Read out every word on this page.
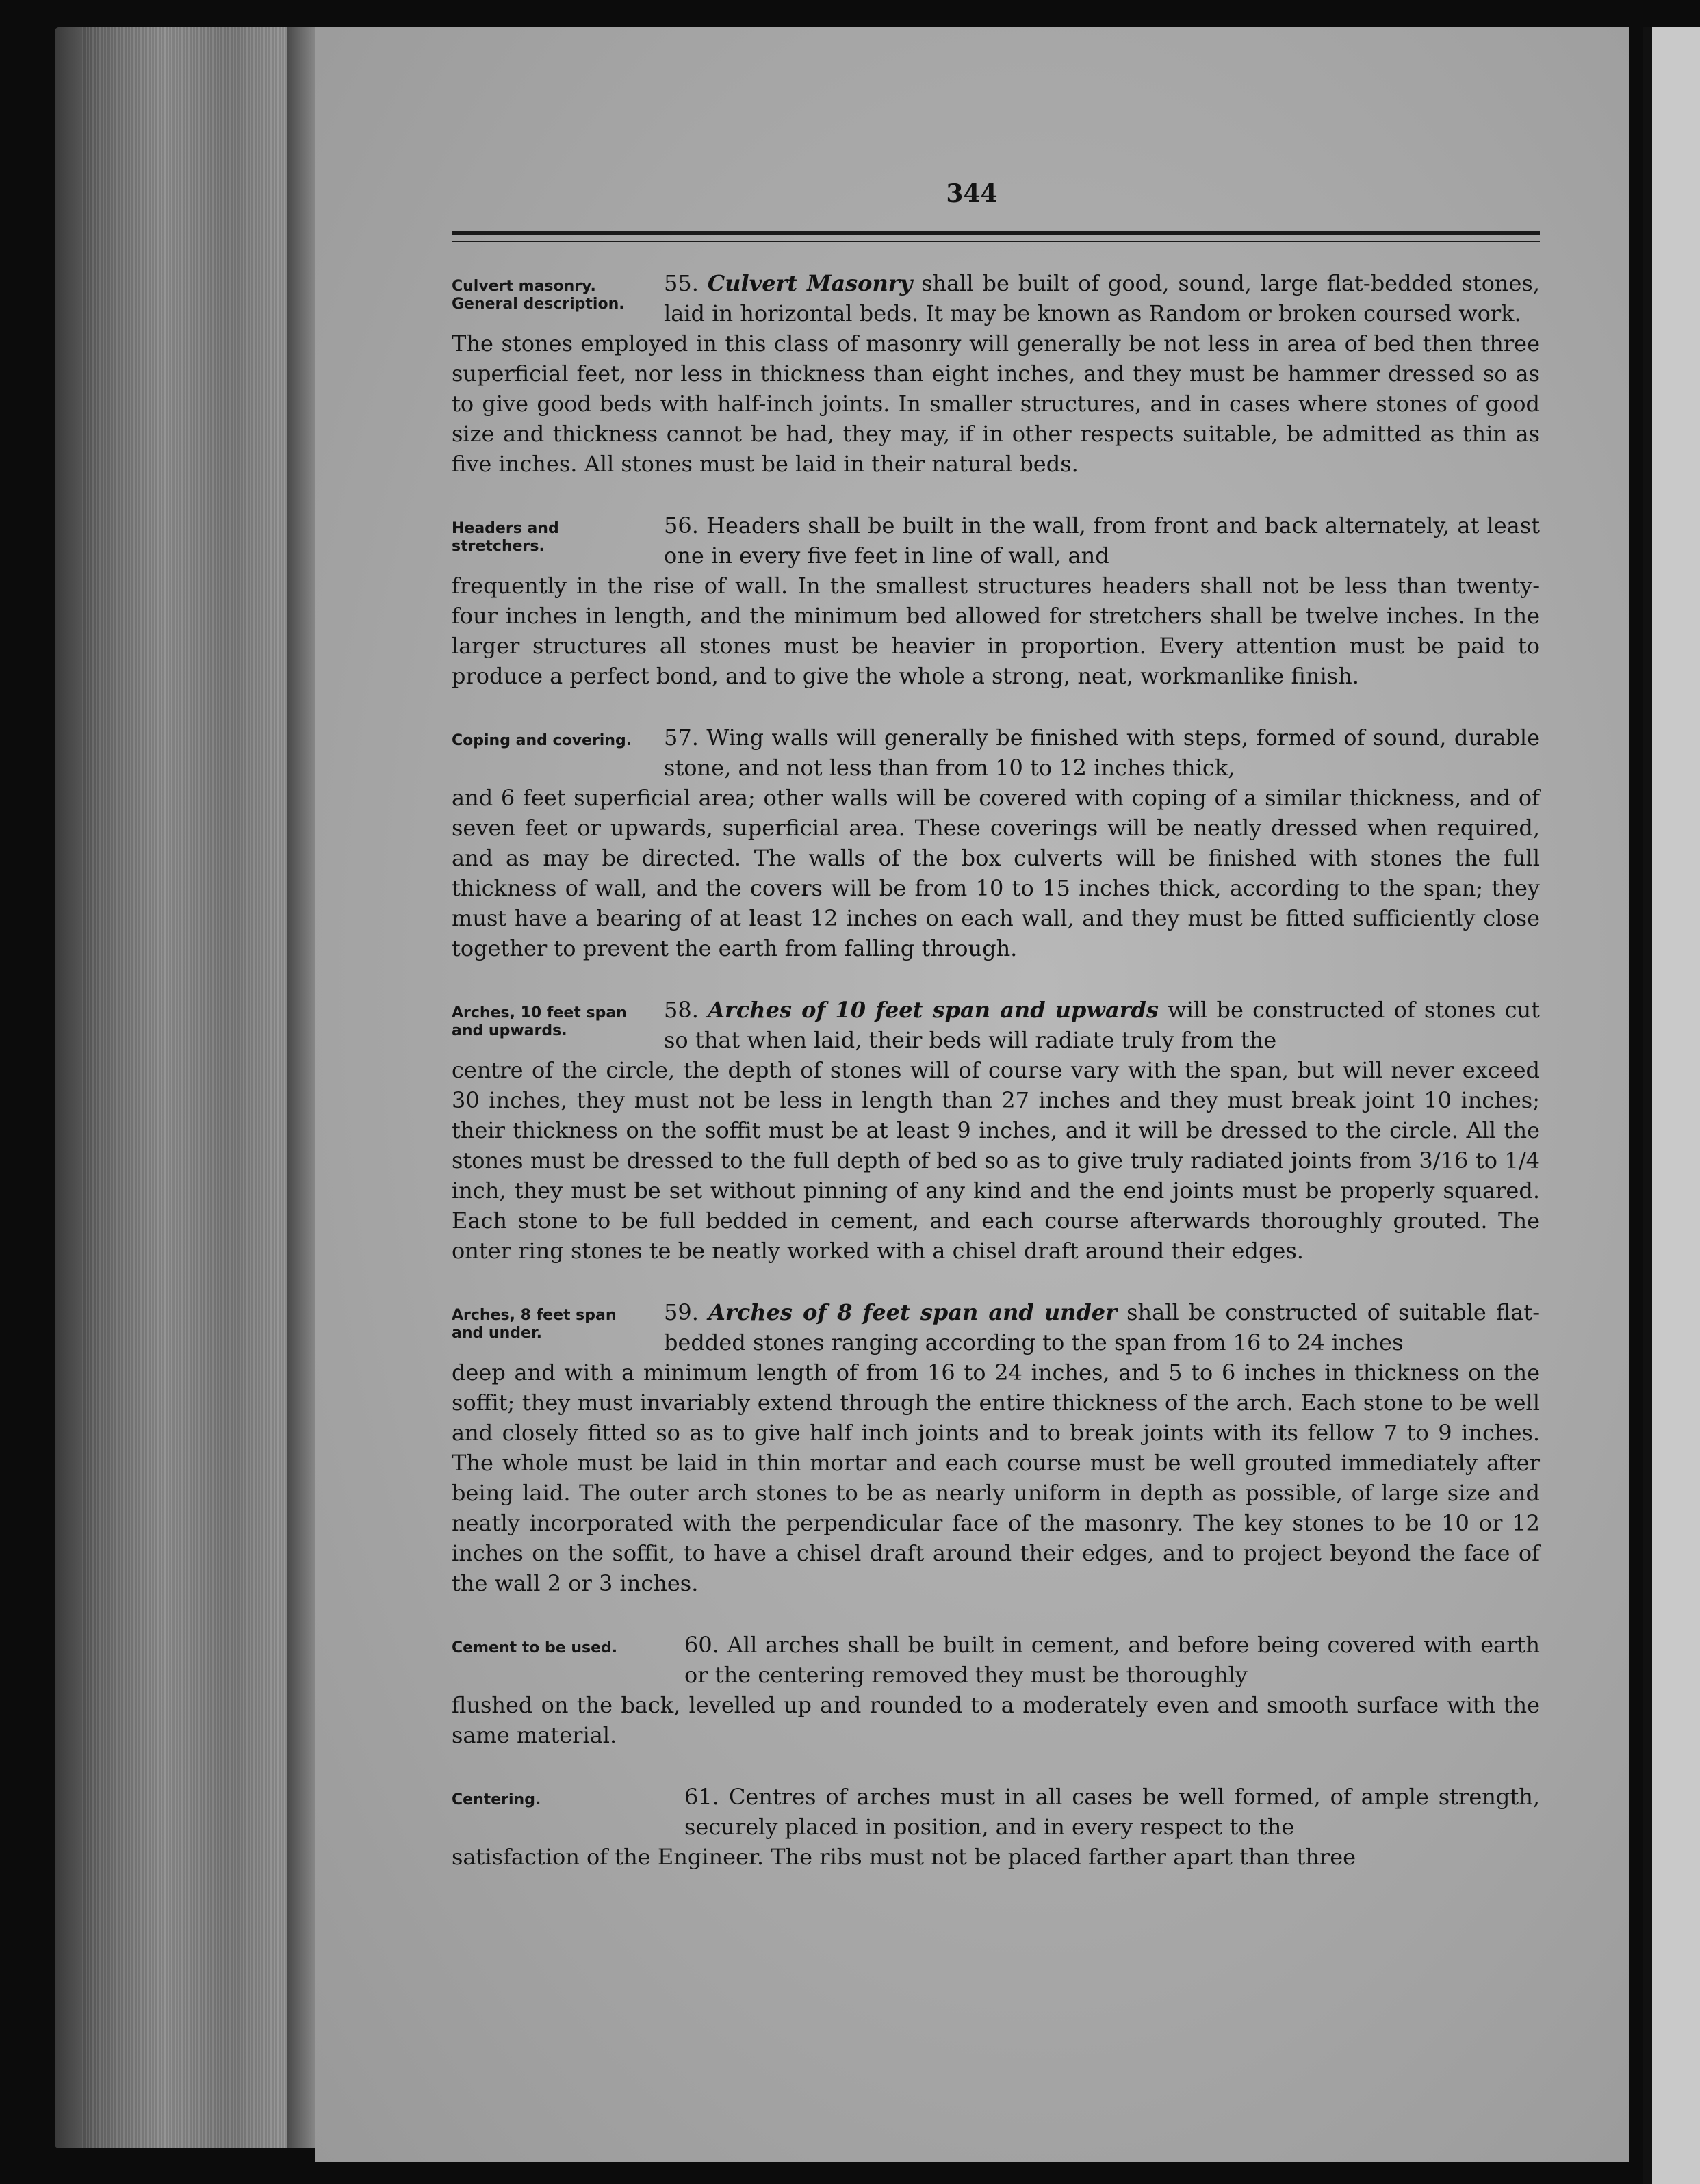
344
Culvert masonry. General description.

55. Culvert Masonry shall be built of good, sound, large flat-bedded stones, laid in horizontal beds. It may be known as Random or broken coursed work.
The stones employed in this class of masonry will generally be not less in area of bed then three superficial feet, nor less in thickness than eight inches, and they must be hammer dressed so as to give good beds with half-inch joints. In smaller structures, and in cases where stones of good size and thickness cannot be had, they may, if in other respects suitable, be admitted as thin as five inches. All stones must be laid in their natural beds.

Headers and stretchers.

56. Headers shall be built in the wall, from front and back alternately, at least one in every five feet in line of wall, and
frequently in the rise of wall. In the smallest structures headers shall not be less than twenty-four inches in length, and the minimum bed allowed for stretchers shall be twelve inches. In the larger structures all stones must be heavier in proportion. Every attention must be paid to produce a perfect bond, and to give the whole a strong, neat, workmanlike finish.

Coping and covering.	57. Wing walls will generally be finished with steps, formed of sound, durable stone, and not less than from 10 to 12 inches thick,
and 6 feet superficial area; other walls will be covered with coping of a similar thickness, and of seven feet or upwards, superficial area. These coverings will be neatly dressed when required, and as may be directed. The walls of the box culverts will be finished with stones the full thickness of wall, and the covers will be from 10 to 15 inches thick, according to the span; they must have a bearing of at least 12 inches on each wall, and they must be fitted sufficiently close together to prevent the earth from falling through.

Arches, 10 feet span and upwards.

58. Arches of 10 feet span and upwards will be constructed of stones cut so that when laid, their beds will radiate truly from the
centre of the circle, the depth of stones will of course vary with the span, but will never exceed 30 inches, they must not be less in length than 27 inches and they must break joint 10 inches; their thickness on the soffit must be at least 9 inches, and it will be dressed to the circle. All the stones must be dressed to the full depth of bed so as to give truly radiated joints from 3/16 to 1/4 inch, they must be set without pinning of any kind and the end joints must be properly squared. Each stone to be full bedded in cement, and each course afterwards thoroughly grouted. The onter ring stones te be neatly worked with a chisel draft around their edges.

Arches, 8 feet span and under.

59. Arches of 8 feet span and under shall be constructed of suitable flat-bedded stones ranging according to the span from 16 to 24 inches
deep and with a minimum length of from 16 to 24 inches, and 5 to 6 inches in thickness on the soffit; they must invariably extend through the entire thickness of the arch. Each stone to be well and closely fitted so as to give half inch joints and to break joints with its fellow 7 to 9 inches. The whole must be laid in thin mortar and each course must be well grouted immediately after being laid. The outer arch stones to be as nearly uniform in depth as possible, of large size and neatly incorporated with the perpendicular face of the masonry. The key stones to be 10 or 12 inches on the soffit, to have a chisel draft around their edges, and to project beyond the face of the wall 2 or 3 inches.

Cement to be used.	60. All arches shall be built in cement, and before being covered with earth or the centering removed they must be thoroughly
flushed on the back, levelled up and rounded to a moderately even and smooth surface with the same material.

Centering.	61. Centres of arches must in all cases be well formed, of ample strength, securely placed in position, and in every respect to the
satisfaction of the Engineer. The ribs must not be placed farther apart than three
